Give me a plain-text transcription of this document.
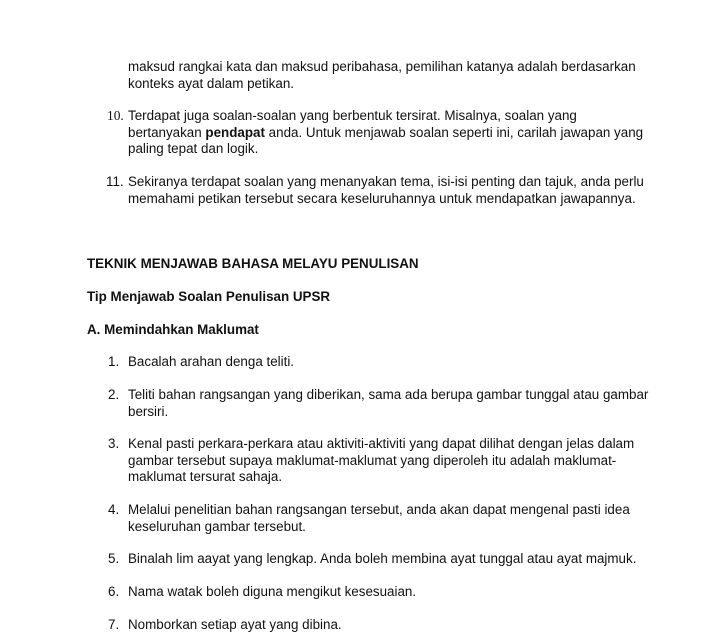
maksud rangkai kata dan maksud peribahasa, pemilihan katanya adalah berdasarkan
konteks ayat dalam petikan.
10. Terdapat juga soalan-soalan yang berbentuk tersirat. Misalnya, soalan yang
bertanyakan pendapat anda. Untuk menjawab soalan seperti ini, carilah jawapan yang
paling tepat dan logik.
11. Sekiranya terdapat soalan yang menanyakan tema, isi-isi penting dan tajuk, anda perlu
memahami petikan tersebut secara keseluruhannya untuk mendapatkan jawapannya.
TEKNIK MENJAWAB BAHASA MELAYU PENULISAN
Tip Menjawab Soalan Penulisan UPSR
A. Memindahkan Maklumat
1. Bacalah arahan denga teliti.
2. Teliti bahan rangsangan yang diberikan, sama ada berupa gambar tunggal atau gambar
bersiri.
3. Kenal pasti perkara-perkara atau aktiviti-aktiviti yang dapat dilihat dengan jelas dalam
gambar tersebut supaya maklumat-maklumat yang diperoleh itu adalah maklumat-
maklumat tersurat sahaja.
4. Melalui penelitian bahan rangsangan tersebut, anda akan dapat mengenal pasti idea
keseluruhan gambar tersebut.
5. Binalah lim aayat yang lengkap. Anda boleh membina ayat tunggal atau ayat majmuk.
6. Nama watak boleh diguna mengikut kesesuaian.
7. Nomborkan setiap ayat yang dibina.
